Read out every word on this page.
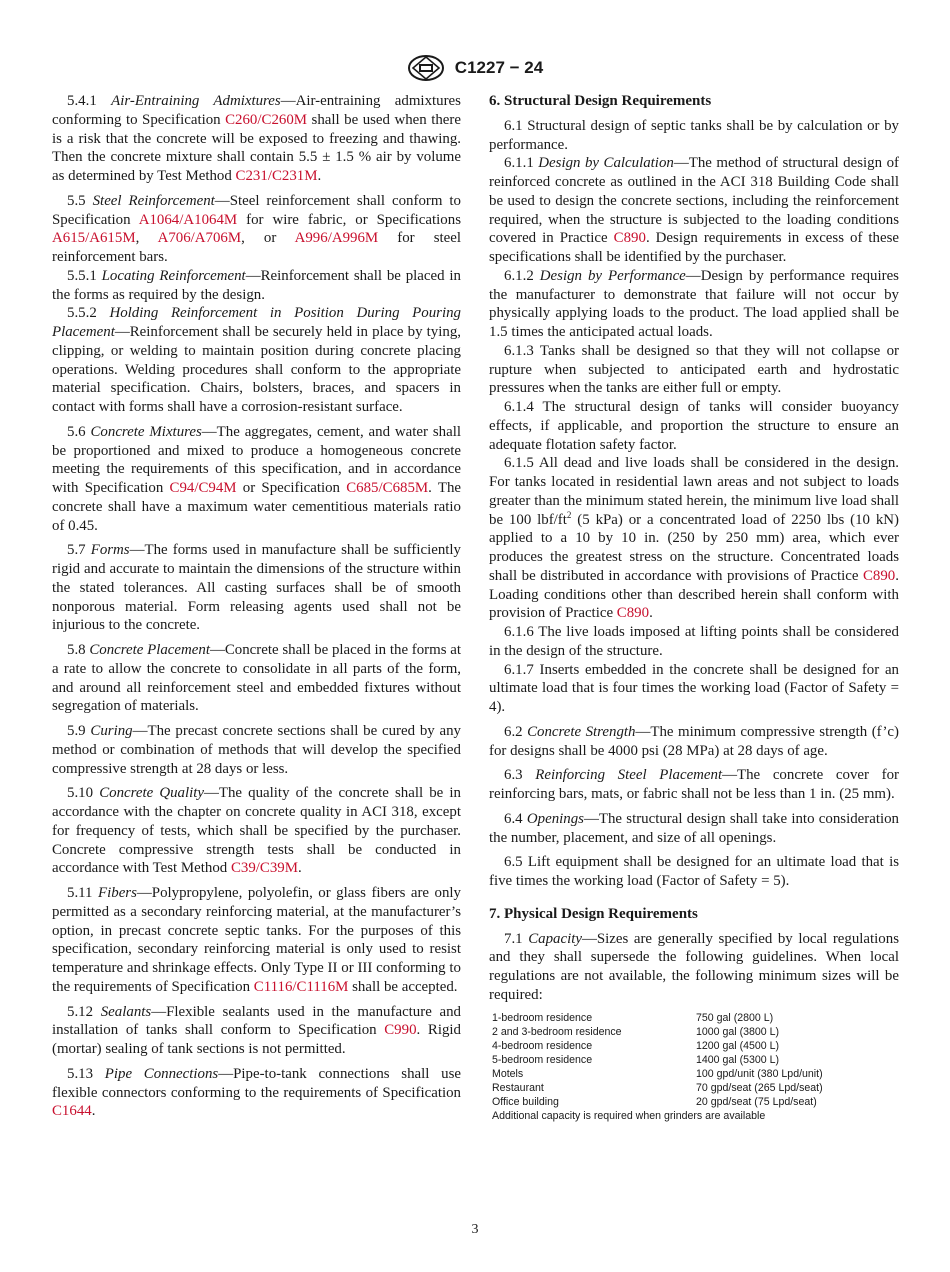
C1227 − 24

5.4.1 Air-Entraining Admixtures—Air-entraining admixtures conforming to Specification C260/C260M shall be used when there is a risk that the concrete will be exposed to freezing and thawing. Then the concrete mixture shall contain 5.5 ± 1.5 % air by volume as determined by Test Method C231/C231M.

5.5 Steel Reinforcement—Steel reinforcement shall conform to Specification A1064/A1064M for wire fabric, or Specifications A615/A615M, A706/A706M, or A996/A996M for steel reinforcement bars.

5.5.1 Locating Reinforcement—Reinforcement shall be placed in the forms as required by the design.

5.5.2 Holding Reinforcement in Position During Pouring Placement—Reinforcement shall be securely held in place by tying, clipping, or welding to maintain position during concrete placing operations. Welding procedures shall conform to the appropriate material specification. Chairs, bolsters, braces, and spacers in contact with forms shall have a corrosion-resistant surface.

5.6 Concrete Mixtures—The aggregates, cement, and water shall be proportioned and mixed to produce a homogeneous concrete meeting the requirements of this specification, and in accordance with Specification C94/C94M or Specification C685/C685M. The concrete shall have a maximum water cementitious materials ratio of 0.45.

5.7 Forms—The forms used in manufacture shall be sufficiently rigid and accurate to maintain the dimensions of the structure within the stated tolerances. All casting surfaces shall be of smooth nonporous material. Form releasing agents used shall not be injurious to the concrete.

5.8 Concrete Placement—Concrete shall be placed in the forms at a rate to allow the concrete to consolidate in all parts of the form, and around all reinforcement steel and embedded fixtures without segregation of materials.

5.9 Curing—The precast concrete sections shall be cured by any method or combination of methods that will develop the specified compressive strength at 28 days or less.

5.10 Concrete Quality—The quality of the concrete shall be in accordance with the chapter on concrete quality in ACI 318, except for frequency of tests, which shall be specified by the purchaser. Concrete compressive strength tests shall be conducted in accordance with Test Method C39/C39M.

5.11 Fibers—Polypropylene, polyolefin, or glass fibers are only permitted as a secondary reinforcing material, at the manufacturer’s option, in precast concrete septic tanks. For the purposes of this specification, secondary reinforcing material is only used to resist temperature and shrinkage effects. Only Type II or III conforming to the requirements of Specification C1116/C1116M shall be accepted.

5.12 Sealants—Flexible sealants used in the manufacture and installation of tanks shall conform to Specification C990. Rigid (mortar) sealing of tank sections is not permitted.

5.13 Pipe Connections—Pipe-to-tank connections shall use flexible connectors conforming to the requirements of Specification C1644.

6. Structural Design Requirements

6.1 Structural design of septic tanks shall be by calculation or by performance.

6.1.1 Design by Calculation—The method of structural design of reinforced concrete as outlined in the ACI 318 Building Code shall be used to design the concrete sections, including the reinforcement required, when the structure is subjected to the loading conditions covered in Practice C890. Design requirements in excess of these specifications shall be identified by the purchaser.

6.1.2 Design by Performance—Design by performance requires the manufacturer to demonstrate that failure will not occur by physically applying loads to the product. The load applied shall be 1.5 times the anticipated actual loads.

6.1.3 Tanks shall be designed so that they will not collapse or rupture when subjected to anticipated earth and hydrostatic pressures when the tanks are either full or empty.

6.1.4 The structural design of tanks will consider buoyancy effects, if applicable, and proportion the structure to ensure an adequate flotation safety factor.

6.1.5 All dead and live loads shall be considered in the design. For tanks located in residential lawn areas and not subject to loads greater than the minimum stated herein, the minimum live load shall be 100 lbf/$ft^2$ (5 kPa) or a concentrated load of 2250 lbs (10 kN) applied to a 10 by 10 in. (250 by 250 mm) area, which ever produces the greatest stress on the structure. Concentrated loads shall be distributed in accordance with provisions of Practice C890. Loading conditions other than described herein shall conform with provision of Practice C890.

6.1.6 The live loads imposed at lifting points shall be considered in the design of the structure.

6.1.7 Inserts embedded in the concrete shall be designed for an ultimate load that is four times the working load (Factor of Safety = 4).

6.2 Concrete Strength—The minimum compressive strength (f’c) for designs shall be 4000 psi (28 MPa) at 28 days of age.

6.3 Reinforcing Steel Placement—The concrete cover for reinforcing bars, mats, or fabric shall not be less than 1 in. (25 mm).

6.4 Openings—The structural design shall take into consideration the number, placement, and size of all openings.

6.5 Lift equipment shall be designed for an ultimate load that is five times the working load (Factor of Safety = 5).

7. Physical Design Requirements

7.1 Capacity—Sizes are generally specified by local regulations and they shall supersede the following guidelines. When local regulations are not available, the following minimum sizes will be required:

1-bedroom residence	750 gal (2800 L)
2 and 3-bedroom residence	1000 gal (3800 L)
4-bedroom residence	1200 gal (4500 L)
5-bedroom residence	1400 gal (5300 L)
Motels	100 gpd/unit (380 Lpd/unit)
Restaurant	70 gpd/seat (265 Lpd/seat)
Office building	20 gpd/seat (75 Lpd/seat)
Additional capacity is required when grinders are available
3
